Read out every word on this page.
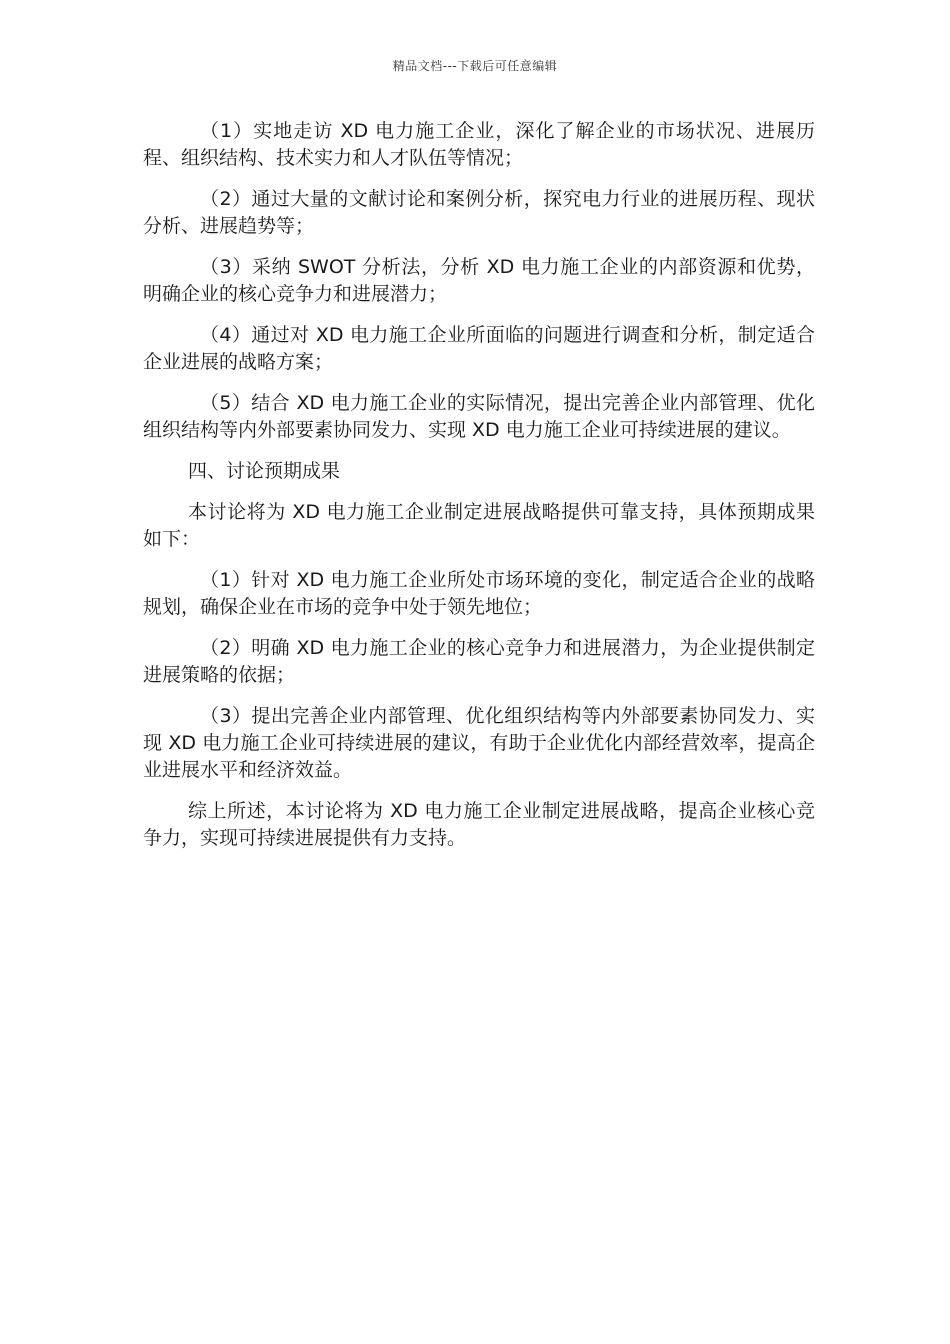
精品文档---下载后可任意编辑

（1）实地走访 XD 电力施工企业，深化了解企业的市场状况、进展历程、组织结构、技术实力和人才队伍等情况；

（2）通过大量的文献讨论和案例分析，探究电力行业的进展历程、现状分析、进展趋势等；

（3）采纳 SWOT 分析法，分析 XD 电力施工企业的内部资源和优势，明确企业的核心竞争力和进展潜力；

（4）通过对 XD 电力施工企业所面临的问题进行调查和分析，制定适合企业进展的战略方案；

（5）结合 XD 电力施工企业的实际情况，提出完善企业内部管理、优化组织结构等内外部要素协同发力、实现 XD 电力施工企业可持续进展的建议。

四、讨论预期成果

本讨论将为 XD 电力施工企业制定进展战略提供可靠支持，具体预期成果如下：

（1）针对 XD 电力施工企业所处市场环境的变化，制定适合企业的战略规划，确保企业在市场的竞争中处于领先地位；

（2）明确 XD 电力施工企业的核心竞争力和进展潜力，为企业提供制定进展策略的依据；

（3）提出完善企业内部管理、优化组织结构等内外部要素协同发力、实现 XD 电力施工企业可持续进展的建议，有助于企业优化内部经营效率，提高企业进展水平和经济效益。

综上所述，本讨论将为 XD 电力施工企业制定进展战略，提高企业核心竞争力，实现可持续进展提供有力支持。
